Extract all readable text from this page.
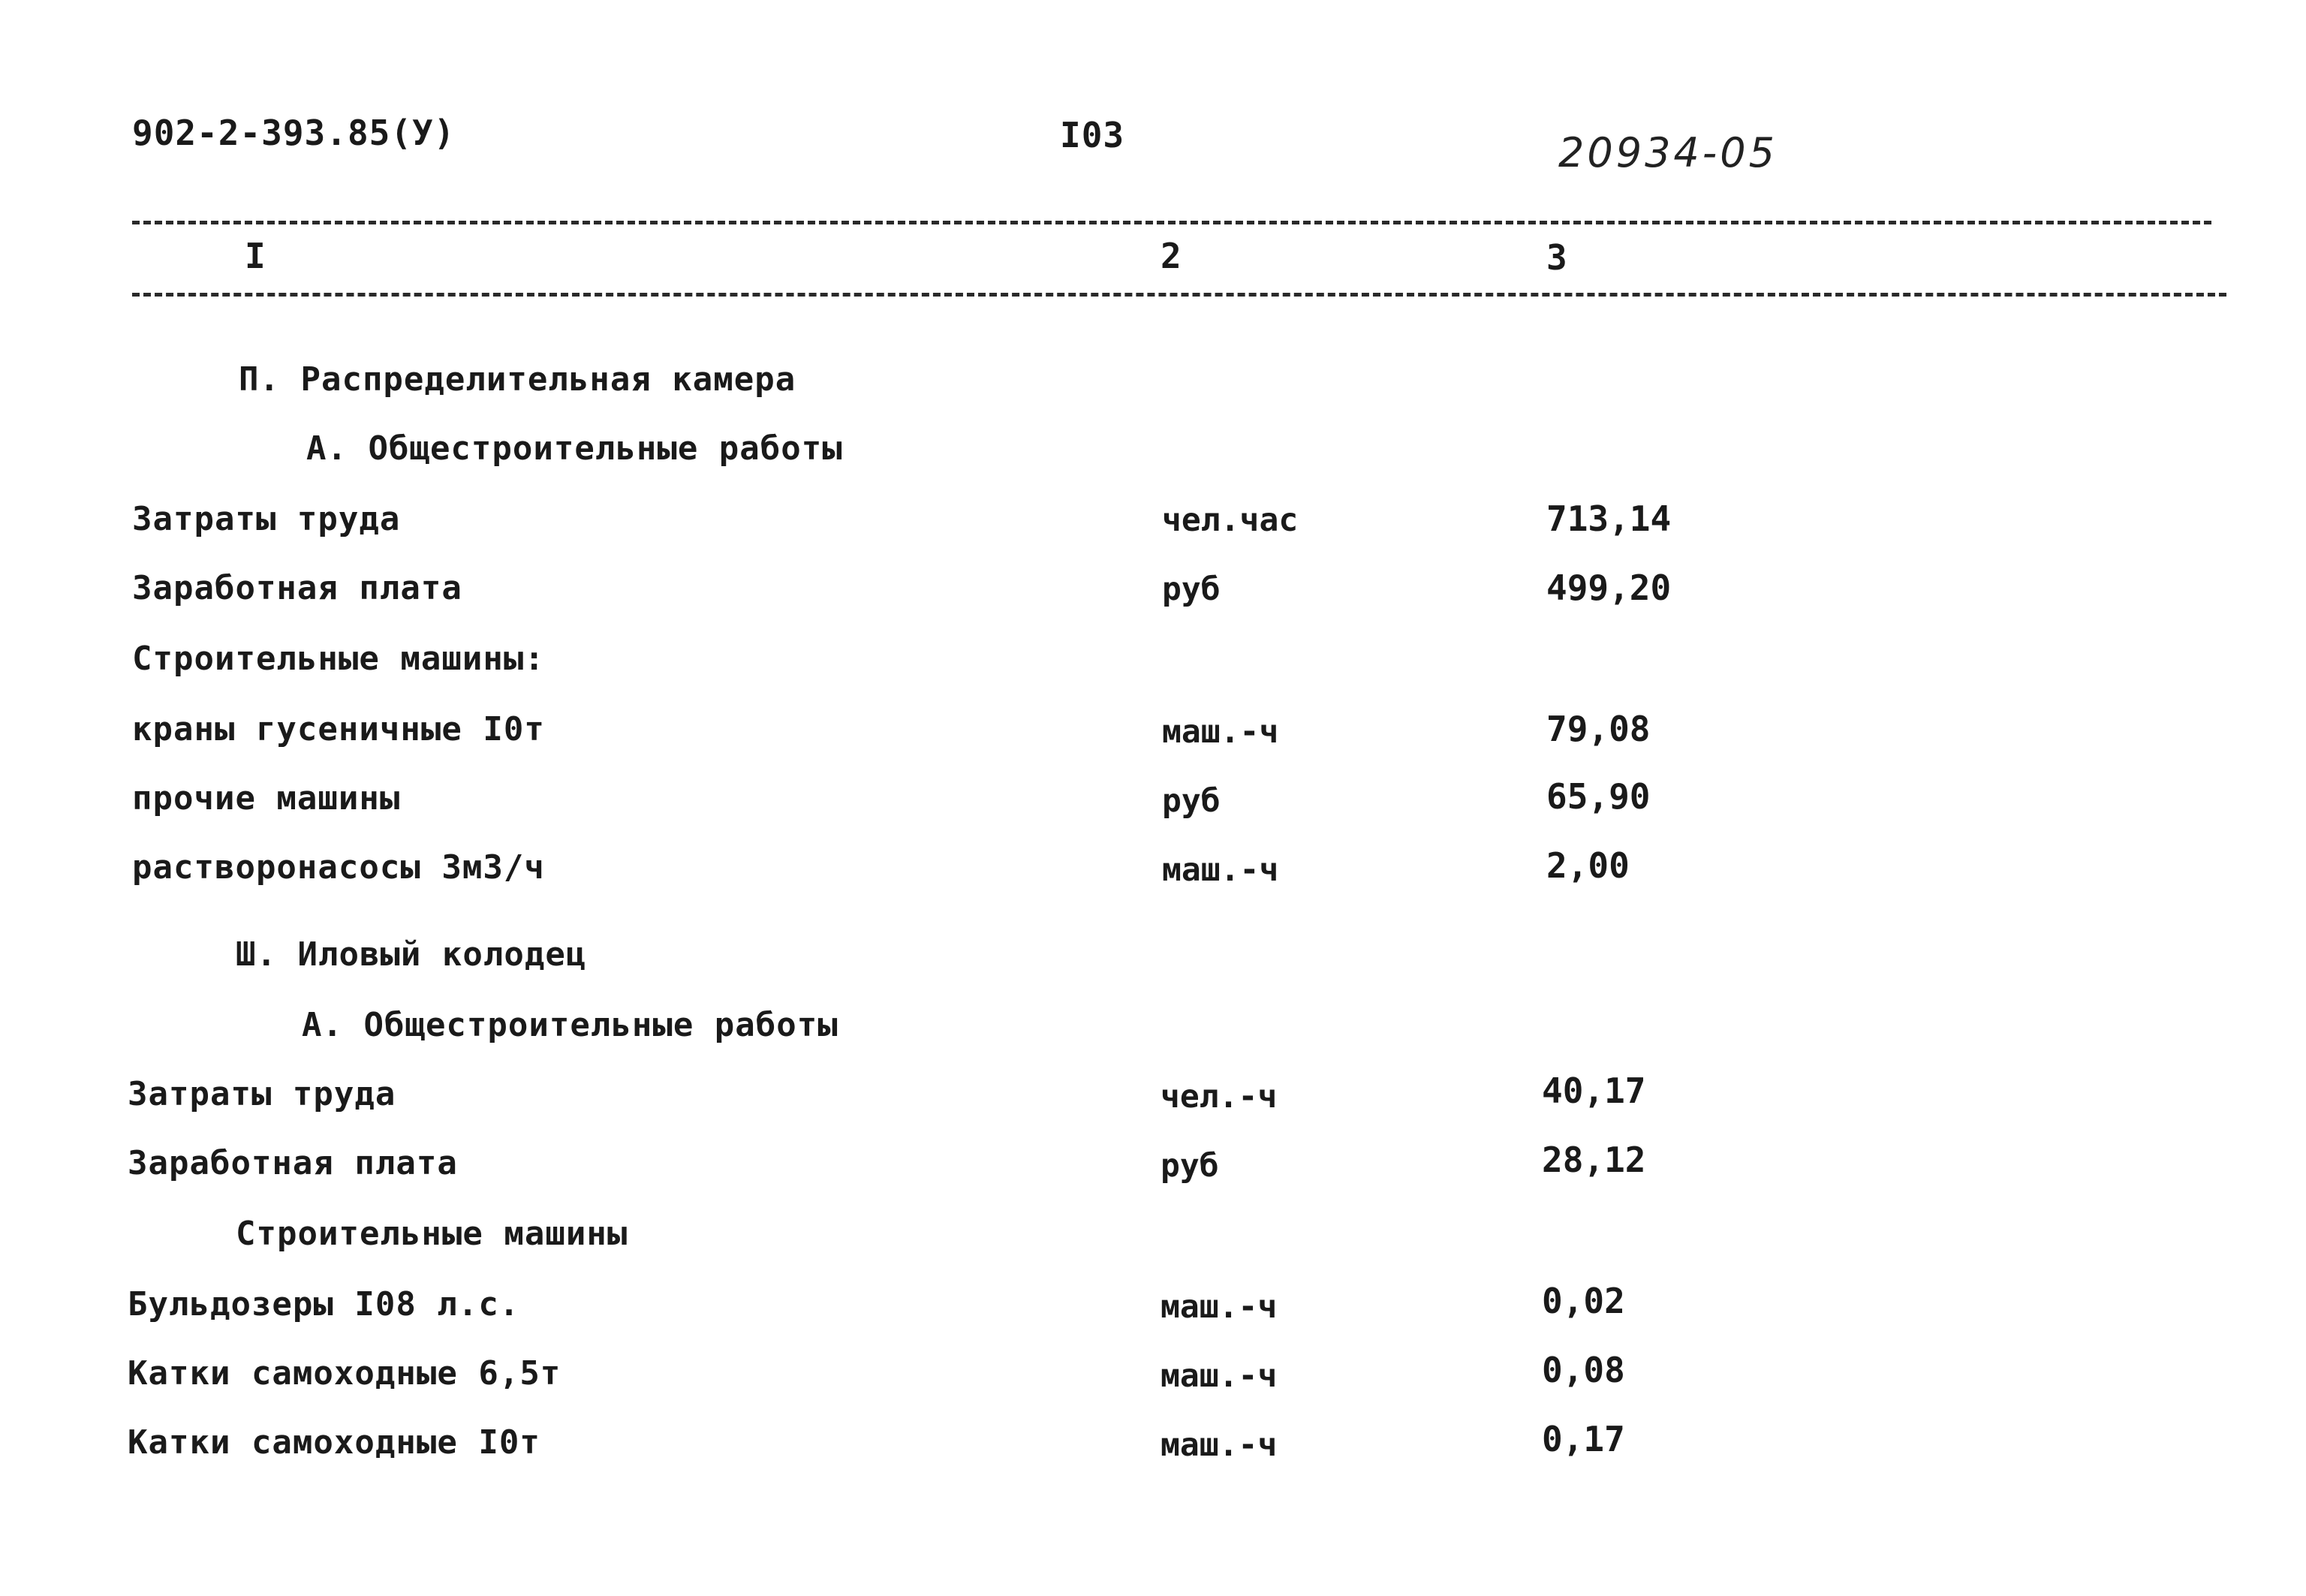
902-2-393.85(У)	I03	20934-05
I	2	3
П. Распределительная камера
А. Общестроительные работы
Затраты труда	чел.час	713,14
Заработная плата	руб	499,20
Строительные машины:
краны гусеничные I0т	маш.-ч	79,08
прочие машины	руб	65,90
растворонасосы 3м3/ч	маш.-ч	2,00
Ш. Иловый колодец
А. Общестроительные работы
Затраты труда	чел.-ч	40,17
Заработная плата	руб	28,12
Строительные машины
Бульдозеры I08 л.с.	маш.-ч	0,02
Катки самоходные 6,5т	маш.-ч	0,08
Катки самоходные I0т	маш.-ч	0,17
